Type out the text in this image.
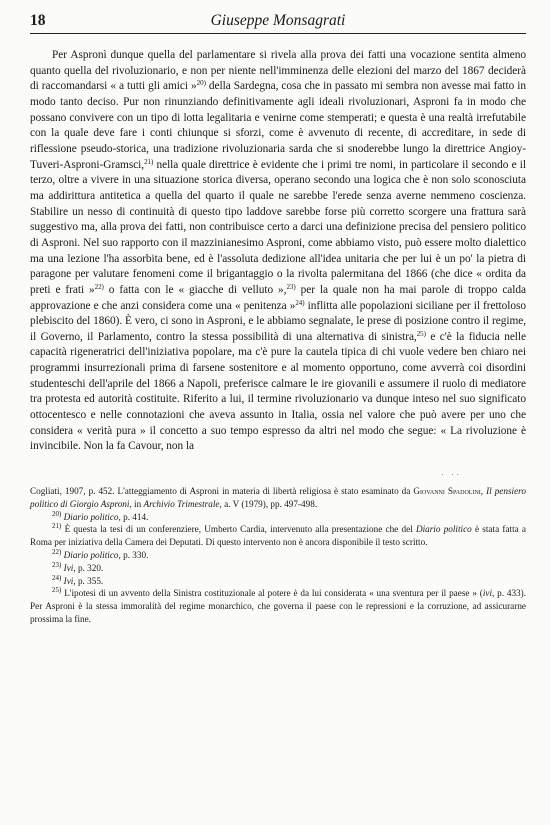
18	Giuseppe Monsagrati

Per Aspronì dunque quella del parlamentare si rivela alla prova dei fatti una vocazione sentita almeno quanto quella del rivoluzionario, e non per niente nell'imminenza delle elezioni del marzo del 1867 deciderà di raccomandarsi « a tutti gli amici »$^{20)}$ della Sardegna, cosa che in passato mi sembra non avesse mai fatto in modo tanto deciso. Pur non rinunziando definitivamente agli ideali rivoluzionari, Asproni fa in modo che possano convivere con un tipo di lotta legalitaria e venirne come stemperati; e questa è una realtà irrefutabile con la quale deve fare i conti chiunque si sforzi, come è avvenuto di recente, di accreditare, in sede di riflessione pseudo-storica, una tradizione rivoluzionaria sarda che si snoderebbe lungo la direttrice Angioy-Tuveri-Asproni-Gramsci,$^{21)}$ nella quale direttrice è evidente che i primi tre nomi, in particolare il secondo e il terzo, oltre a vivere in una situazione storica diversa, operano secondo una logica che è non solo sconosciuta ma addirittura antitetica a quella del quarto il quale ne sarebbe l'erede senza averne nemmeno coscienza. Stabilire un nesso di continuità di questo tipo laddove sarebbe forse più corretto scorgere una frattura sarà suggestivo ma, alla prova dei fatti, non contribuisce certo a darci una definizione precisa del pensiero politico di Asproni. Nel suo rapporto con il mazzinianesimo Asproni, come abbiamo visto, può essere molto dialettico ma una lezione l'ha assorbita bene, ed è l'assoluta dedizione all'idea unitaria che per lui è un po' la pietra di paragone per valutare fenomeni come il brigantaggio o la rivolta palermitana del 1866 (che dice « ordita da preti e frati »$^{22)}$ o fatta con le « giacche di velluto »,$^{23)}$ per la quale non ha mai parole di troppo calda approvazione e che anzi considera come una « penitenza »$^{24)}$ inflitta alle popolazioni siciliane per il frettoloso plebiscito del 1860). È vero, ci sono in Asproni, e le abbiamo segnalate, le prese di posizione contro il regime, il Governo, il Parlamento, contro la stessa possibilità di una alternativa di sinistra,$^{25)}$ e c'è la fiducia nelle capacità rigeneratrici dell'iniziativa popolare, ma c'è pure la cautela tipica di chi vuole vedere ben chiaro nei programmi insurrezionali prima di farsene sostenitore e al momento opportuno, come avverrà coi disordini studenteschi dell'aprile del 1866 a Napoli, preferisce calmare le ire giovanili e assumere il ruolo di mediatore tra protesta ed autorità costituite. Riferito a lui, il termine rivoluzionario va dunque inteso nel suo significato ottocentesco e nelle connotazioni che aveva assunto in Italia, ossia nel valore che può avere per uno che considera « verità pura » il concetto a suo tempo espresso da altri nel modo che segue: « La rivoluzione è invincibile. Non la fa Cavour, non la

· ··

Cogliati, 1907, p. 452. L'atteggiamento di Asproni in materia di libertà religiosa è stato esaminato da Giovanni Spadolini, Il pensiero politico di Giorgio Asproni, in Archivio Trimestrale, a. V (1979), pp. 497-498.

$^{20)}$ Diario politico, p. 414.

$^{21)}$ È questa la tesi di un conferenziere, Umberto Cardia, intervenuto alla presentazione che del Diario politico è stata fatta a Roma per iniziativa della Camera dei Deputati. Di questo intervento non è ancora disponibile il testo scritto.

$^{22)}$ Diario politico, p. 330.

$^{23)}$ Ivi, p. 320.

$^{24)}$ Ivi, p. 355.

$^{25)}$ L'ipotesi di un avvento della Sinistra costituzionale al potere è da lui considerata « una sventura per il paese » (ivi, p. 433). Per Asproni è la stessa immoralità del regime monarchico, che governa il paese con le repressioni e la corruzione, ad assicurarne prossima la fine.
